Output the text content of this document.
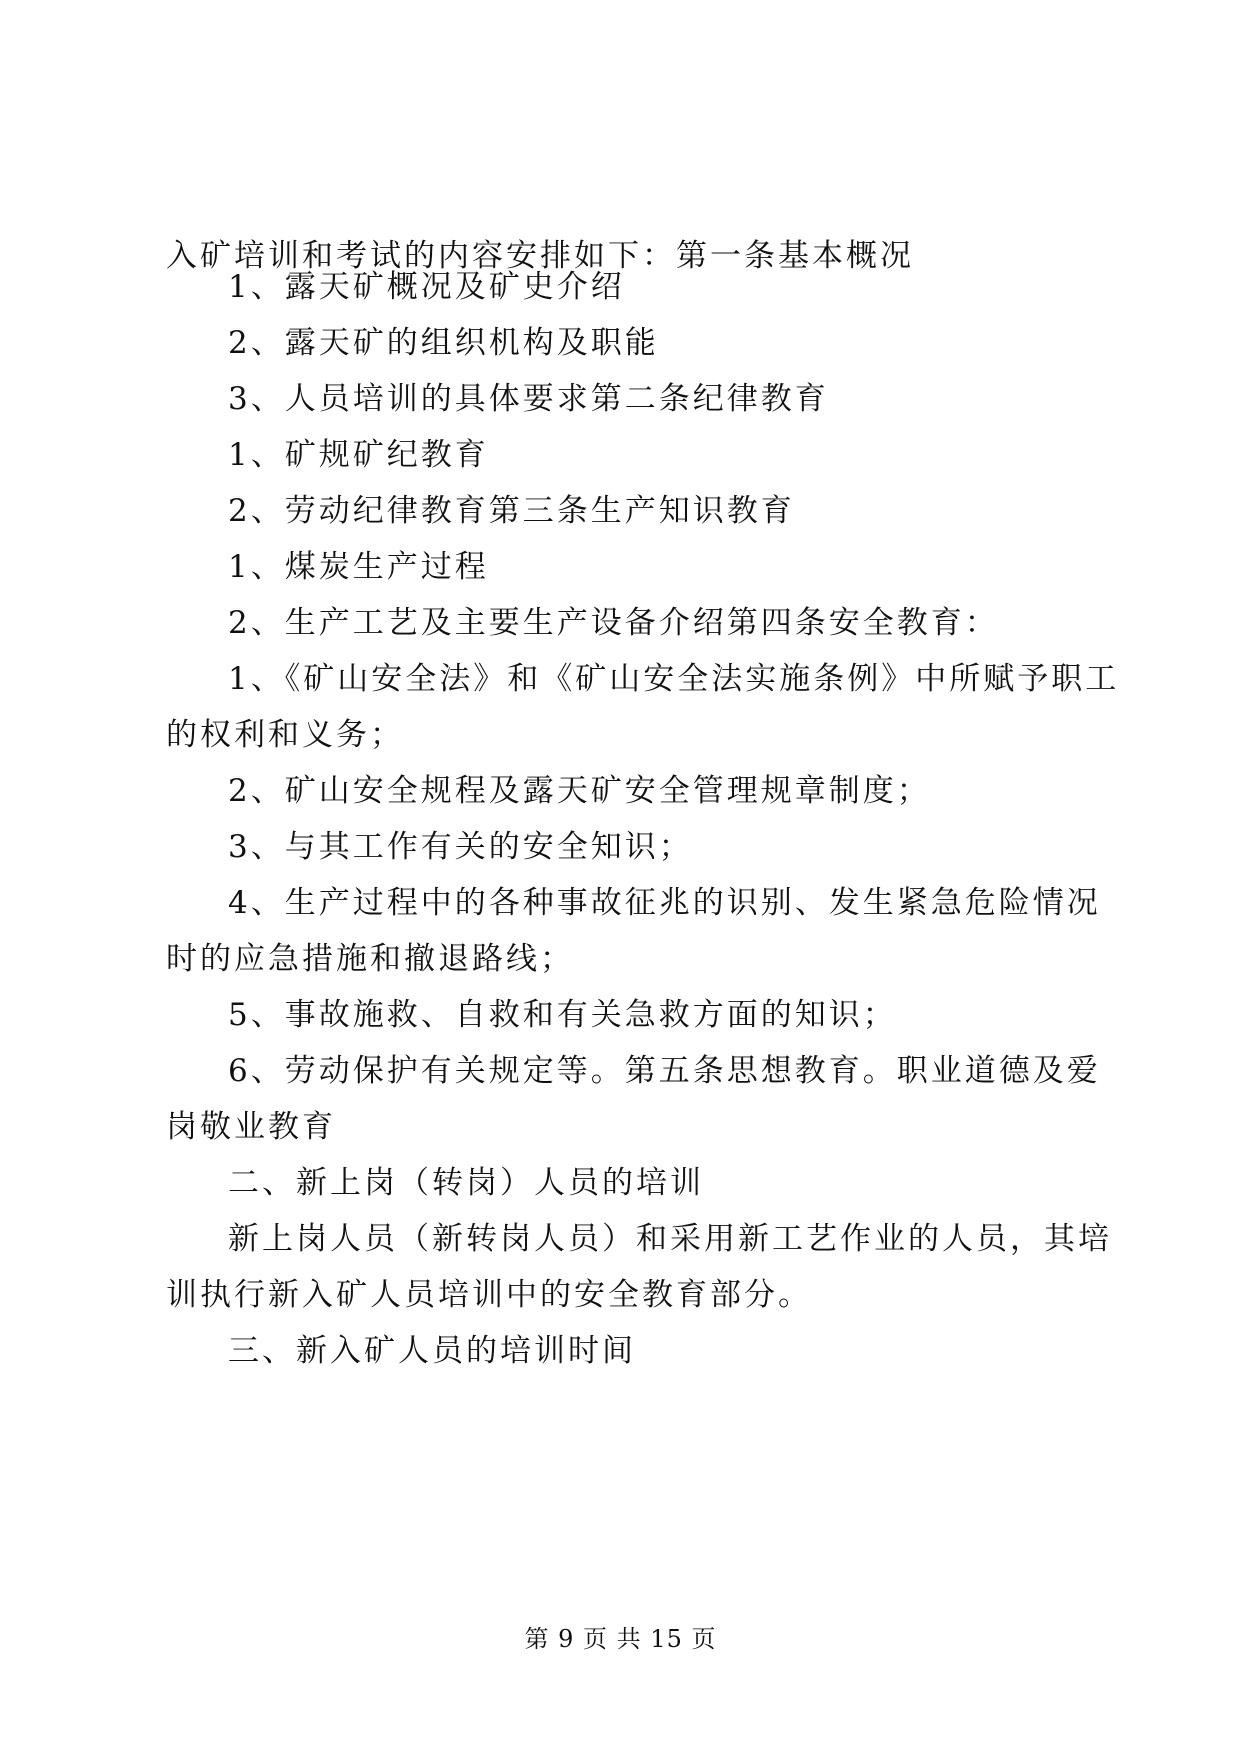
入矿培训和考试的内容安排如下：第一条基本概况
1、露天矿概况及矿史介绍
2、露天矿的组织机构及职能
3、人员培训的具体要求第二条纪律教育
1、矿规矿纪教育
2、劳动纪律教育第三条生产知识教育
1、煤炭生产过程
2、生产工艺及主要生产设备介绍第四条安全教育：
1、《矿山安全法》和《矿山安全法实施条例》中所赋予职工
的权利和义务；
2、矿山安全规程及露天矿安全管理规章制度；
3、与其工作有关的安全知识；
4、生产过程中的各种事故征兆的识别、发生紧急危险情况
时的应急措施和撤退路线；
5、事故施救、自救和有关急救方面的知识；
6、劳动保护有关规定等。第五条思想教育。职业道德及爱
岗敬业教育
二、新上岗（转岗）人员的培训
新上岗人员（新转岗人员）和采用新工艺作业的人员，其培
训执行新入矿人员培训中的安全教育部分。
三、新入矿人员的培训时间
第 9 页 共 15 页
